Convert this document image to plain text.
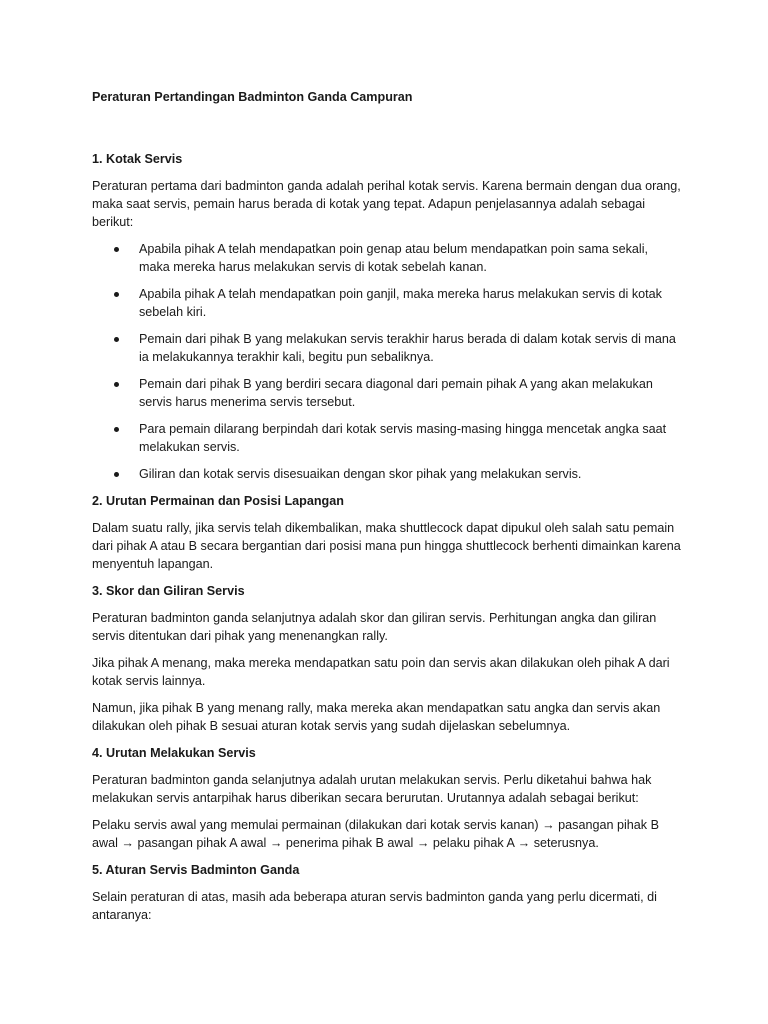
Peraturan Pertandingan Badminton Ganda Campuran
1. Kotak Servis

Peraturan pertama dari badminton ganda adalah perihal kotak servis. Karena bermain dengan dua orang, maka saat servis, pemain harus berada di kotak yang tepat. Adapun penjelasannya adalah sebagai berikut:

Apabila pihak A telah mendapatkan poin genap atau belum mendapatkan poin sama sekali, maka mereka harus melakukan servis di kotak sebelah kanan.
Apabila pihak A telah mendapatkan poin ganjil, maka mereka harus melakukan servis di kotak sebelah kiri.
Pemain dari pihak B yang melakukan servis terakhir harus berada di dalam kotak servis di mana ia melakukannya terakhir kali, begitu pun sebaliknya.
Pemain dari pihak B yang berdiri secara diagonal dari pemain pihak A yang akan melakukan servis harus menerima servis tersebut.
Para pemain dilarang berpindah dari kotak servis masing-masing hingga mencetak angka saat melakukan servis.
Giliran dan kotak servis disesuaikan dengan skor pihak yang melakukan servis.
2. Urutan Permainan dan Posisi Lapangan

Dalam suatu rally, jika servis telah dikembalikan, maka shuttlecock dapat dipukul oleh salah satu pemain dari pihak A atau B secara bergantian dari posisi mana pun hingga shuttlecock berhenti dimainkan karena menyentuh lapangan.

3. Skor dan Giliran Servis

Peraturan badminton ganda selanjutnya adalah skor dan giliran servis. Perhitungan angka dan giliran servis ditentukan dari pihak yang menenangkan rally.

Jika pihak A menang, maka mereka mendapatkan satu poin dan servis akan dilakukan oleh pihak A dari kotak servis lainnya.

Namun, jika pihak B yang menang rally, maka mereka akan mendapatkan satu angka dan servis akan dilakukan oleh pihak B sesuai aturan kotak servis yang sudah dijelaskan sebelumnya.

4. Urutan Melakukan Servis

Peraturan badminton ganda selanjutnya adalah urutan melakukan servis. Perlu diketahui bahwa hak melakukan servis antarpihak harus diberikan secara berurutan. Urutannya adalah sebagai berikut:

Pelaku servis awal yang memulai permainan (dilakukan dari kotak servis kanan) → pasangan pihak B awal → pasangan pihak A awal → penerima pihak B awal → pelaku pihak A → seterusnya.

5. Aturan Servis Badminton Ganda

Selain peraturan di atas, masih ada beberapa aturan servis badminton ganda yang perlu dicermati, di antaranya:
